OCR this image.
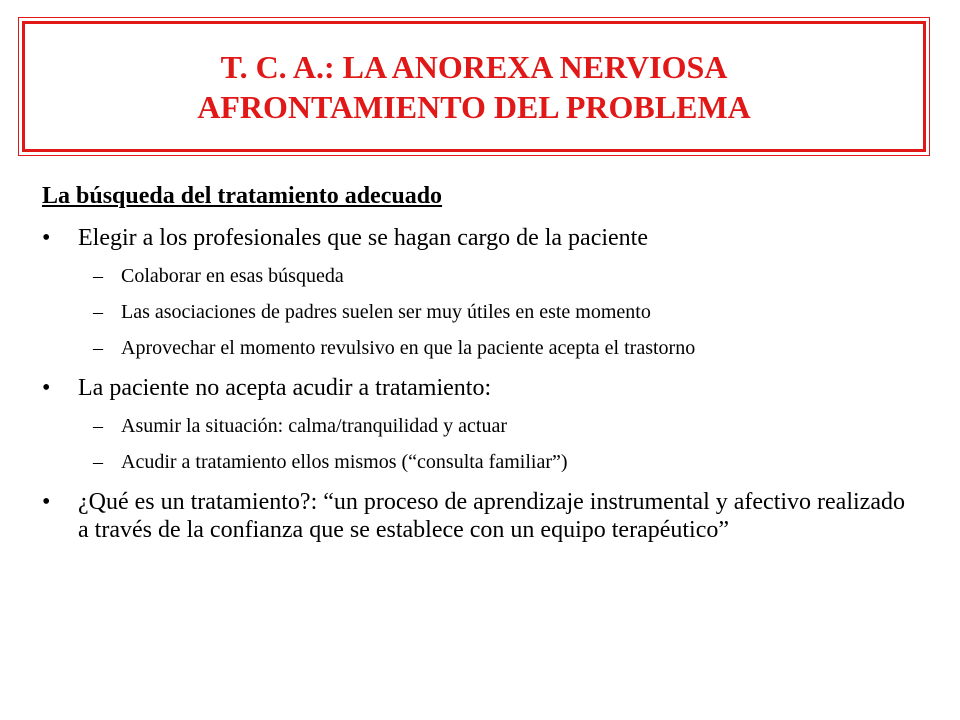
T. C. A.: LA ANOREXA NERVIOSA
AFRONTAMIENTO DEL PROBLEMA
La búsqueda del tratamiento adecuado
• Elegir a los profesionales que se hagan cargo de la paciente
– Colaborar en esas búsqueda
– Las asociaciones de padres suelen ser muy útiles en este momento
– Aprovechar el momento revulsivo en que la paciente acepta el trastorno
• La paciente no acepta acudir a tratamiento:
– Asumir la situación: calma/tranquilidad y actuar
– Acudir a tratamiento ellos mismos (“consulta familiar”)
• ¿Qué es un tratamiento?: “un proceso de aprendizaje instrumental y afectivo realizado a través de la confianza que se establece con un equipo terapéutico”
